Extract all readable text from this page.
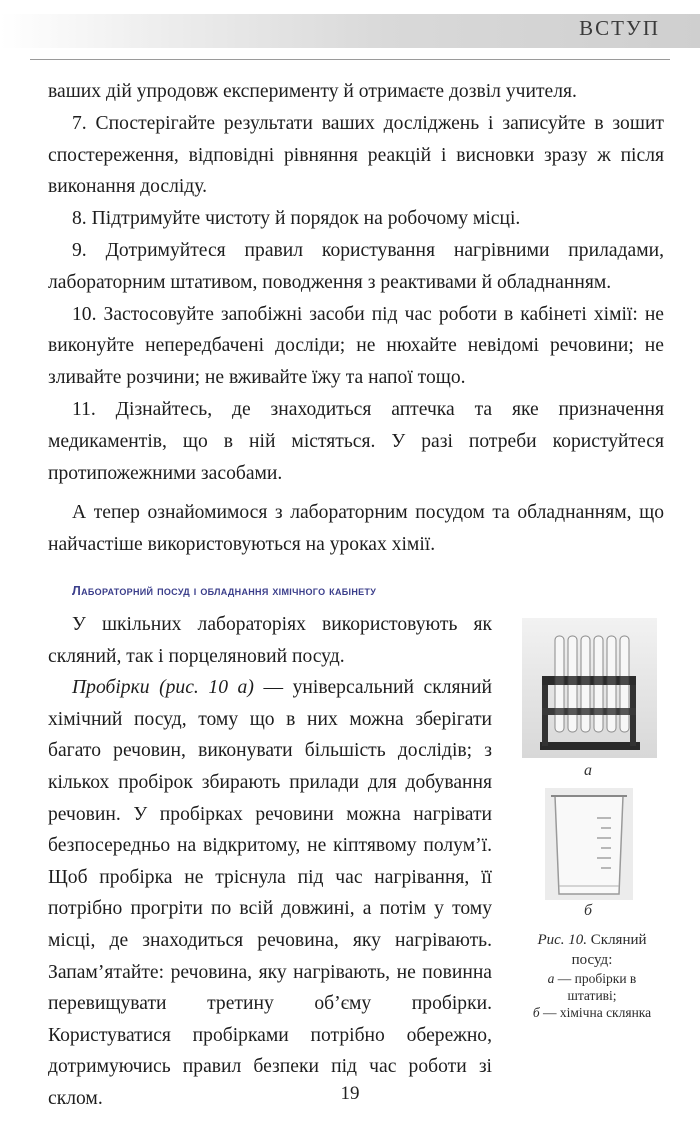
ВСТУП

ваших дій упродовж експерименту й отримаєте дозвіл учителя.

7. Спостерігайте результати ваших досліджень і записуйте в зошит спостереження, відповідні рівняння реакцій і висновки зразу ж після виконання досліду.

8. Підтримуйте чистоту й порядок на робочому місці.

9. Дотримуйтеся правил користування нагрівними приладами, лабораторним штативом, поводження з реактивами й обладнанням.

10. Застосовуйте запобіжні засоби під час роботи в кабінеті хімії: не виконуйте непередбачені досліди; не нюхайте невідомі речовини; не зливайте розчини; не вживайте їжу та напої тощо.

11. Дізнайтесь, де знаходиться аптечка та яке призначення медикаментів, що в ній містяться. У разі потреби користуйтеся протипожежними засобами.

А тепер ознайомимося з лабораторним посудом та обладнанням, що найчастіше використовуються на уроках хімії.

Лабораторний посуд і обладнання хімічного кабінету

У шкільних лабораторіях використовують як скляний, так і порцеляновий посуд.

Пробірки (рис. 10 а) — універсальний скляний хімічний посуд, тому що в них можна зберігати багато речовин, виконувати більшість дослідів; з кількох пробірок збирають прилади для добування речовин. У пробірках речовини можна нагрівати безпосередньо на відкритому, не кіптявому полум’ї. Щоб пробірка не тріснула під час нагрівання, її потрібно прогріти по всій довжині, а потім у тому місці, де знаходиться речовина, яку нагрівають. Запам’ятайте: речовина, яку нагрівають, не повинна перевищувати третину об’єму пробірки. Користуватися пробірками потрібно обережно, дотримуючись правил безпеки під час роботи зі склом.

а
б
Рис. 10. Скляний посуд:
а — пробірки в штативі;
б — хімічна склянка
19
